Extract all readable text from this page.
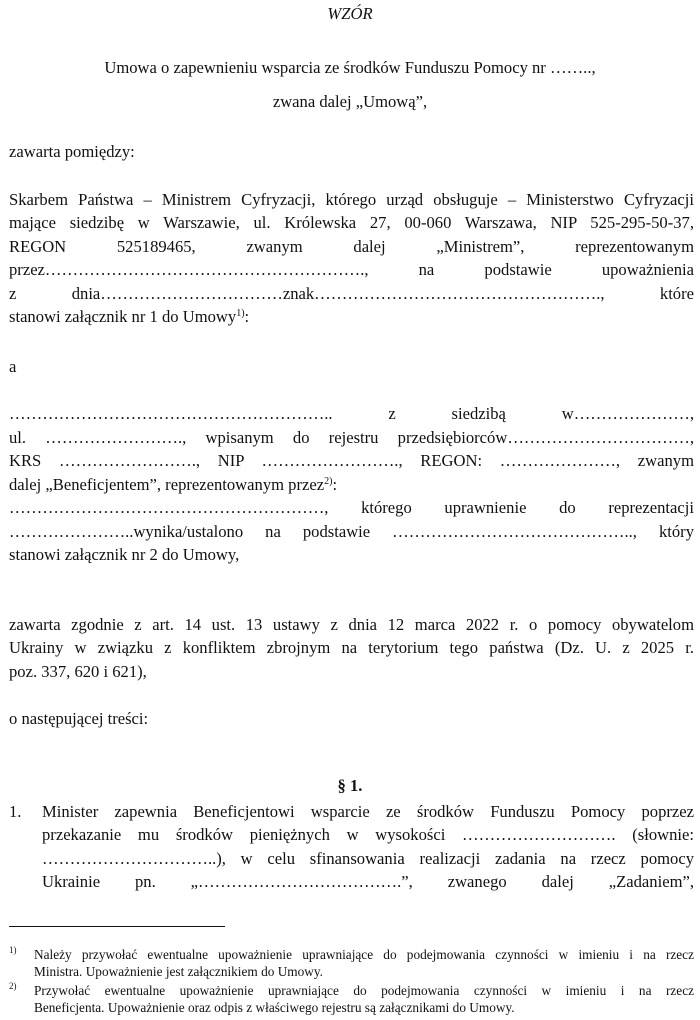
WZÓR
Umowa o zapewnieniu wsparcia ze środków Funduszu Pomocy nr ……..,
zwana dalej „Umową”,
zawarta pomiędzy:
Skarbem Państwa – Ministrem Cyfryzacji, którego urząd obsługuje – Ministerstwo Cyfryzacji
mające siedzibę w Warszawie, ul. Królewska 27, 00-060 Warszawa, NIP 525-295-50-37,
REGON 525189465, zwanym dalej „Ministrem”, reprezentowanym
przez…………………………………………………., na podstawie upoważnienia
z dnia……………………………znak……………………………………………., które
stanowi załącznik nr 1 do Umowy$^{1)}$:
a
………………………………………………….. z siedzibą w…………………,
ul. ……………………., wpisanym do rejestru przedsiębiorców……………………………,
KRS ……………………., NIP ……………………., REGON: …………………, zwanym
dalej „Beneficjentem”, reprezentowanym przez$^{2)}$:
…………………………………………………, którego uprawnienie do reprezentacji
…………………..wynika/ustalono na podstawie …………………………………….., który
stanowi załącznik nr 2 do Umowy,
zawarta zgodnie z art. 14 ust. 13 ustawy z dnia 12 marca 2022 r. o pomocy obywatelom
Ukrainy w związku z konfliktem zbrojnym na terytorium tego państwa (Dz. U. z 2025 r.
poz. 337, 620 i 621),
o następującej treści:
§ 1.
1. Minister zapewnia Beneficjentowi wsparcie ze środków Funduszu Pomocy poprzez
przekazanie mu środków pieniężnych w wysokości ………………………. (słownie:
…………………………..), w celu sfinansowania realizacji zadania na rzecz pomocy
Ukrainie pn. „……………………………….”, zwanego dalej „Zadaniem”,
1) Należy przywołać ewentualne upoważnienie uprawniające do podejmowania czynności w imieniu i na rzecz
Ministra. Upoważnienie jest załącznikiem do Umowy.
2) Przywołać ewentualne upoważnienie uprawniające do podejmowania czynności w imieniu i na rzecz
Beneficjenta. Upoważnienie oraz odpis z właściwego rejestru są załącznikami do Umowy.
